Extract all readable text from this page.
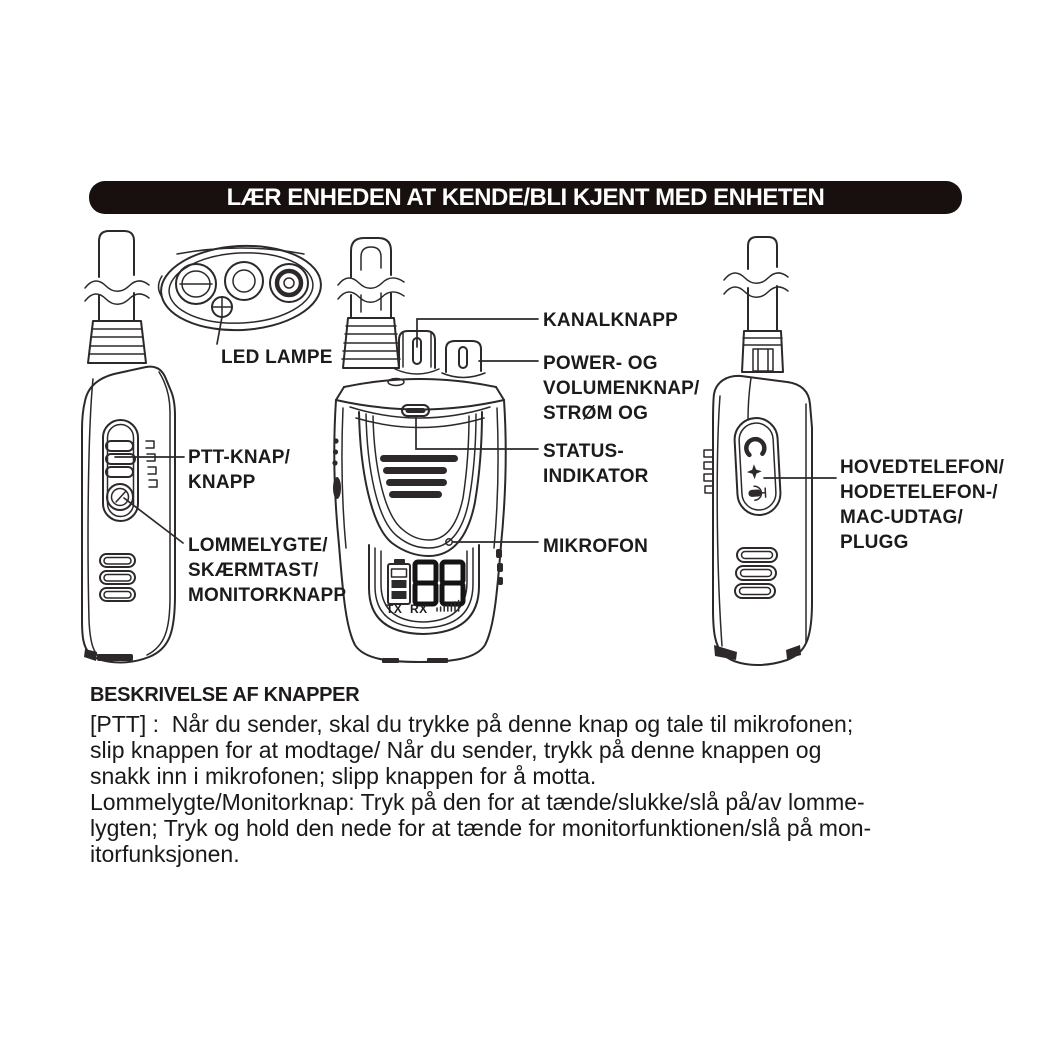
LÆR ENHEDEN AT KENDE/BLI KJENT MED ENHETEN
TX RX
LED LAMPE
KANALKNAPP
POWER- OG
VOLUMENKNAP/
STRØM OG
STATUS-
INDIKATOR
MIKROFON
PTT-KNAP/
KNAPP
LOMMELYGTE/
SKÆRMTAST/
MONITORKNAPP
HOVEDTELEFON/
HODETELEFON-/
MAC-UDTAG/
PLUGG
BESKRIVELSE AF KNAPPER
[PTT] :  Når du sender, skal du trykke på denne knap og tale til mikrofonen;
slip knappen for at modtage/ Når du sender, trykk på denne knappen og
snakk inn i mikrofonen; slipp knappen for å motta.
Lommelygte/Monitorknap: Tryk på den for at tænde/slukke/slå på/av lomme-
lygten; Tryk og hold den nede for at tænde for monitorfunktionen/slå på mon-
itorfunksjonen.
